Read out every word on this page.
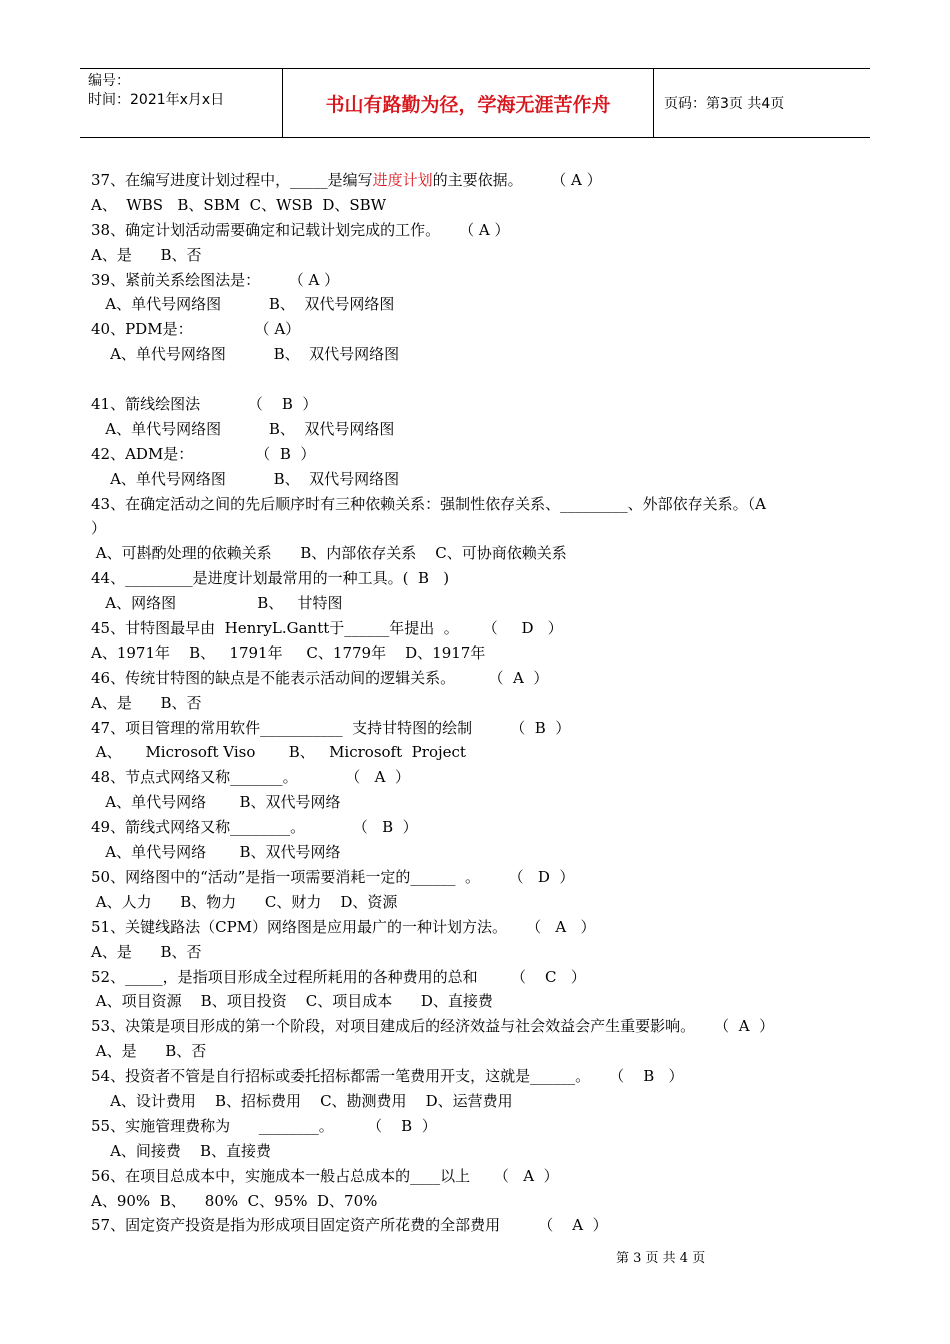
编号：
时间：2021年x月x日	书山有路勤为径，学海无涯苦作舟	页码：第3页 共4页
37、在编写进度计划过程中，_____是编写进度计划的主要依据。      （ A ）
A、  WBS   B、SBM  C、WSB  D、SBW
38、确定计划活动需要确定和记载计划完成的工作。    （ A ）
A、是      B、否
39、紧前关系绘图法是：      （ A ）
A、单代号网络图          B、  双代号网络图
40、PDM是：             （ A）
A、单代号网络图          B、  双代号网络图
41、箭线绘图法          （    B  ）
A、单代号网络图          B、  双代号网络图
42、ADM是：             （  B  ）
A、单代号网络图          B、  双代号网络图
43、在确定活动之间的先后顺序时有三种依赖关系：强制性依存关系、_________、外部依存关系。（A
）
A、可斟酌处理的依赖关系      B、内部依存关系    C、可协商依赖关系
44、_________是进度计划最常用的一种工具。(  B   )
A、网络图                 B、   甘特图
45、甘特图最早由  HenryL.Gantt于______年提出  。     （     D   ）
A、1971年    B、   1791年     C、1779年    D、1917年
46、传统甘特图的缺点是不能表示活动间的逻辑关系。       （  A  ）
A、是      B、否
47、项目管理的常用软件___________  支持甘特图的绘制        （  B  ）
A、     Microsoft Viso       B、   Microsoft  Project
48、节点式网络又称_______。          （   A  ）
A、单代号网络       B、双代号网络
49、箭线式网络又称________。          （   B  ）
A、单代号网络       B、双代号网络
50、网络图中的“活动”是指一项需要消耗一定的______  。      （   D  ）
A、人力      B、物力      C、财力    D、资源
51、关键线路法（CPM）网络图是应用最广的一种计划方法。    （   A   ）
A、是      B、否
52、_____，是指项目形成全过程所耗用的各种费用的总和       （    C   ）
A、项目资源    B、项目投资    C、项目成本      D、直接费
53、决策是项目形成的第一个阶段，对项目建成后的经济效益与社会效益会产生重要影响。    （  A  ）
A、是      B、否
54、投资者不管是自行招标或委托招标都需一笔费用开支，这就是______。    （    B   ）
A、设计费用    B、招标费用    C、勘测费用    D、运营费用
55、实施管理费称为      ________。       （    B  ）
A、间接费    B、直接费
56、在项目总成本中，实施成本一般占总成本的____以上     （   A  ）
A、90%  B、    80%  C、95%  D、70%
57、固定资产投资是指为形成项目固定资产所花费的全部费用        （    A  ）
第 3 页 共 4 页
